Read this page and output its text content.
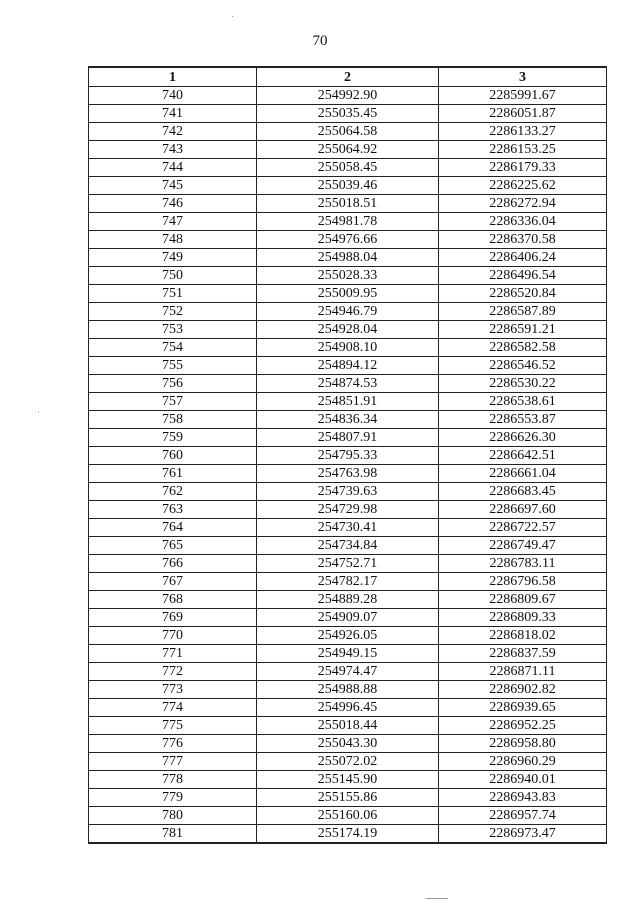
70
1	2	3
740	254992.90	2285991.67
741	255035.45	2286051.87
742	255064.58	2286133.27
743	255064.92	2286153.25
744	255058.45	2286179.33
745	255039.46	2286225.62
746	255018.51	2286272.94
747	254981.78	2286336.04
748	254976.66	2286370.58
749	254988.04	2286406.24
750	255028.33	2286496.54
751	255009.95	2286520.84
752	254946.79	2286587.89
753	254928.04	2286591.21
754	254908.10	2286582.58
755	254894.12	2286546.52
756	254874.53	2286530.22
757	254851.91	2286538.61
758	254836.34	2286553.87
759	254807.91	2286626.30
760	254795.33	2286642.51
761	254763.98	2286661.04
762	254739.63	2286683.45
763	254729.98	2286697.60
764	254730.41	2286722.57
765	254734.84	2286749.47
766	254752.71	2286783.11
767	254782.17	2286796.58
768	254889.28	2286809.67
769	254909.07	2286809.33
770	254926.05	2286818.02
771	254949.15	2286837.59
772	254974.47	2286871.11
773	254988.88	2286902.82
774	254996.45	2286939.65
775	255018.44	2286952.25
776	255043.30	2286958.80
777	255072.02	2286960.29
778	255145.90	2286940.01
779	255155.86	2286943.83
780	255160.06	2286957.74
781	255174.19	2286973.47
